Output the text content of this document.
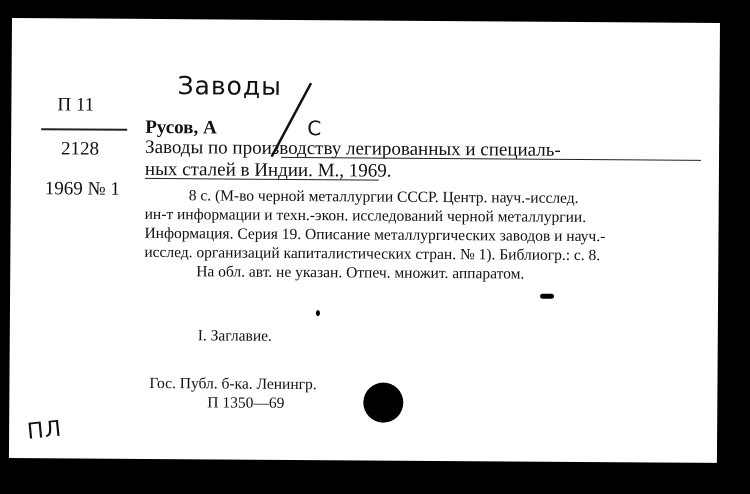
Заводы
С
ПЛ
П 11
2128
1969 № 1
Русов, А
Заводы по производству легированных и специаль-
ных сталей в Индии. М., 1969.
8 с. (М-во черной металлургии СССР. Центр. науч.-исслед.
ин-т информации и техн.-экон. исследований черной металлургии.
Информация. Серия 19. Описание металлургических заводов и науч.-
исслед. организаций капиталистических стран. № 1). Библиогр.: с. 8.
На обл. авт. не указан. Отпеч. множит. аппаратом.
I. Заглавие.
Гос. Публ. б-ка. Ленингр.
П 1350—69
